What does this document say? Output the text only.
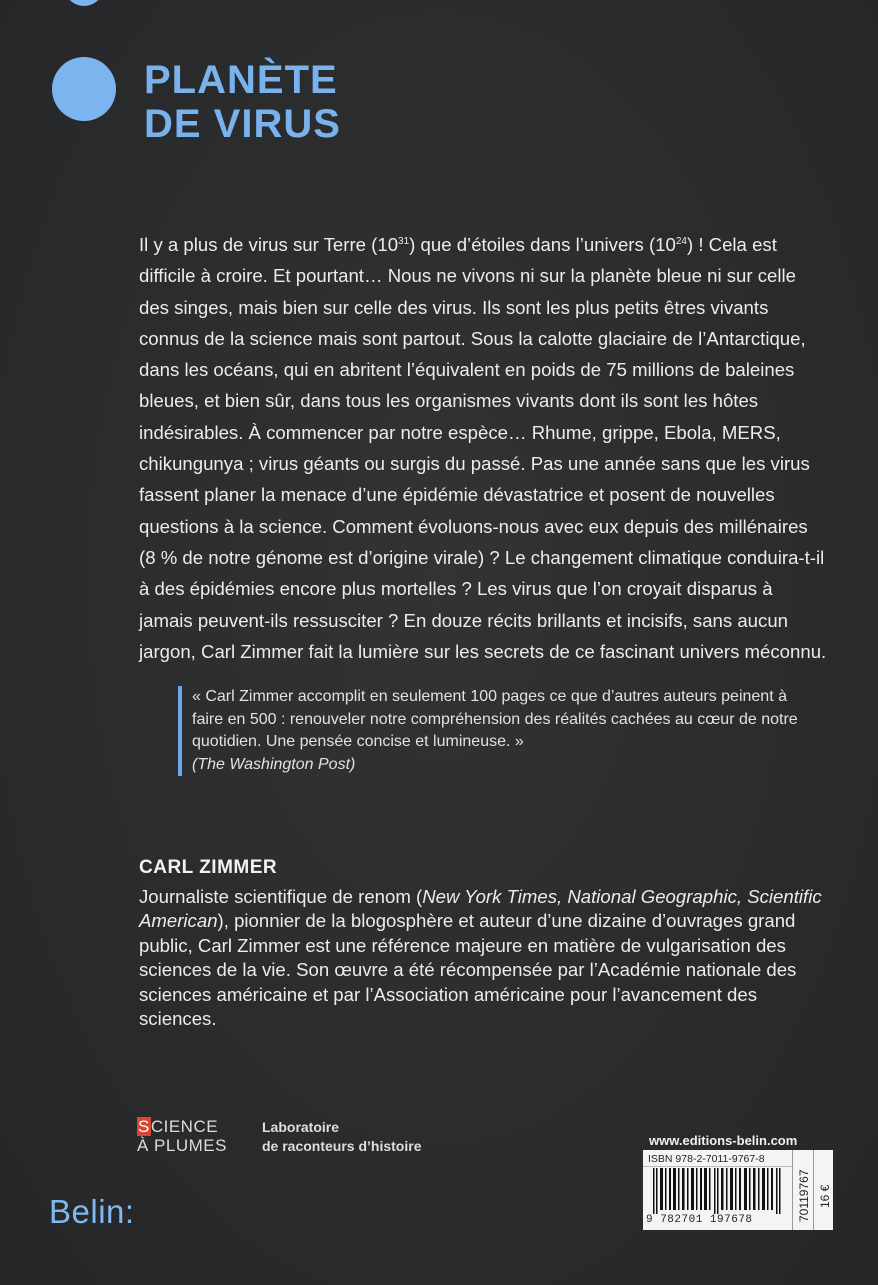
PLANÈTE
DE VIRUS

Il y a plus de virus sur Terre $(10^{31})$ que d’étoiles dans l’univers $(10^{24})$ ! Cela est difficile à croire. Et pourtant… Nous ne vivons ni sur la planète bleue ni sur celle des singes, mais bien sur celle des virus. Ils sont les plus petits êtres vivants connus de la science mais sont partout. Sous la calotte glaciaire de l’Antarctique, dans les océans, qui en abritent l’équivalent en poids de 75 millions de baleines bleues, et bien sûr, dans tous les organismes vivants dont ils sont les hôtes indésirables. À commencer par notre espèce… Rhume, grippe, Ebola, MERS, chikungunya ; virus géants ou surgis du passé. Pas une année sans que les virus fassent planer la menace d’une épidémie dévastatrice et posent de nouvelles questions à la science. Comment évoluons-nous avec eux depuis des millénaires (8 % de notre génome est d’origine virale) ? Le changement climatique conduira-t-il à des épidémies encore plus mortelles ? Les virus que l’on croyait disparus à jamais peuvent-ils ressusciter ? En douze récits brillants et incisifs, sans aucun jargon, Carl Zimmer fait la lumière sur les secrets de ce fascinant univers méconnu.

« Carl Zimmer accomplit en seulement 100 pages ce que d’autres auteurs peinent à faire en 500 : renouveler notre compréhension des réalités cachées au cœur de notre quotidien. Une pensée concise et lumineuse. »

(The Washington Post)

CARL ZIMMER

Journaliste scientifique de renom (New York Times, National Geographic, Scientific American), pionnier de la blogosphère et auteur d’une dizaine d’ouvrages grand public, Carl Zimmer est une référence majeure en matière de vulgarisation des sciences de la vie. Son œuvre a été récompensée par l’Académie nationale des sciences américaine et par l’Association américaine pour l’avancement des sciences.

SCIENCE
À PLUMES
Laboratoire
de raconteurs d’histoire
Belin:
www.editions-belin.com
ISBN 978-2-7011-9767-8
9 782701 197678	70119767 16 €
